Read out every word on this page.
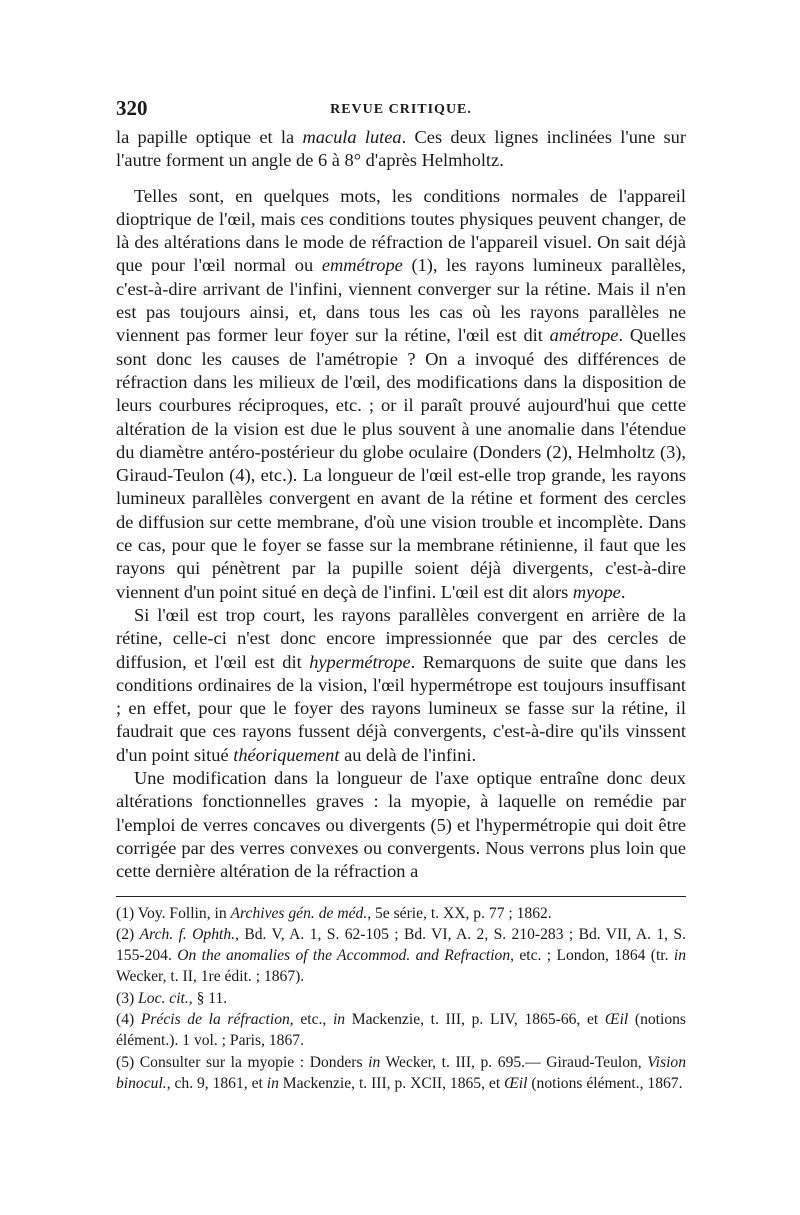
320	REVUE CRITIQUE.

la papille optique et la macula lutea. Ces deux lignes inclinées l'une sur l'autre forment un angle de 6 à 8° d'après Helmholtz.

Telles sont, en quelques mots, les conditions normales de l'appareil dioptrique de l'œil, mais ces conditions toutes physiques peuvent changer, de là des altérations dans le mode de réfraction de l'appareil visuel. On sait déjà que pour l'œil normal ou emmétrope (1), les rayons lumineux parallèles, c'est-à-dire arrivant de l'infini, viennent converger sur la rétine. Mais il n'en est pas toujours ainsi, et, dans tous les cas où les rayons parallèles ne viennent pas former leur foyer sur la rétine, l'œil est dit amétrope. Quelles sont donc les causes de l'amétropie ? On a invoqué des différences de réfraction dans les milieux de l'œil, des modifications dans la disposition de leurs courbures réciproques, etc. ; or il paraît prouvé aujourd'hui que cette altération de la vision est due le plus souvent à une anomalie dans l'étendue du diamètre antéro-postérieur du globe oculaire (Donders (2), Helmholtz (3), Giraud-Teulon (4), etc.). La longueur de l'œil est-elle trop grande, les rayons lumineux parallèles convergent en avant de la rétine et forment des cercles de diffusion sur cette membrane, d'où une vision trouble et incomplète. Dans ce cas, pour que le foyer se fasse sur la membrane rétinienne, il faut que les rayons qui pénètrent par la pupille soient déjà divergents, c'est-à-dire viennent d'un point situé en deçà de l'infini. L'œil est dit alors myope.

Si l'œil est trop court, les rayons parallèles convergent en arrière de la rétine, celle-ci n'est donc encore impressionnée que par des cercles de diffusion, et l'œil est dit hypermétrope. Remarquons de suite que dans les conditions ordinaires de la vision, l'œil hypermétrope est toujours insuffisant ; en effet, pour que le foyer des rayons lumineux se fasse sur la rétine, il faudrait que ces rayons fussent déjà convergents, c'est-à-dire qu'ils vinssent d'un point situé théoriquement au delà de l'infini.

Une modification dans la longueur de l'axe optique entraîne donc deux altérations fonctionnelles graves : la myopie, à laquelle on remédie par l'emploi de verres concaves ou divergents (5) et l'hypermétropie qui doit être corrigée par des verres convexes ou convergents. Nous verrons plus loin que cette dernière altération de la réfraction a

(1) Voy. Follin, in Archives gén. de méd., 5e série, t. XX, p. 77 ; 1862.

(2) Arch. f. Ophth., Bd. V, A. 1, S. 62-105 ; Bd. VI, A. 2, S. 210-283 ; Bd. VII, A. 1, S. 155-204. On the anomalies of the Accommod. and Refraction, etc. ; London, 1864 (tr. in Wecker, t. II, 1re édit. ; 1867).

(3) Loc. cit., § 11.

(4) Précis de la réfraction, etc., in Mackenzie, t. III, p. LIV, 1865-66, et Œil (notions élément.). 1 vol. ; Paris, 1867.

(5) Consulter sur la myopie : Donders in Wecker, t. III, p. 695.— Giraud-Teulon, Vision binocul., ch. 9, 1861, et in Mackenzie, t. III, p. XCII, 1865, et Œil (notions élément., 1867.
